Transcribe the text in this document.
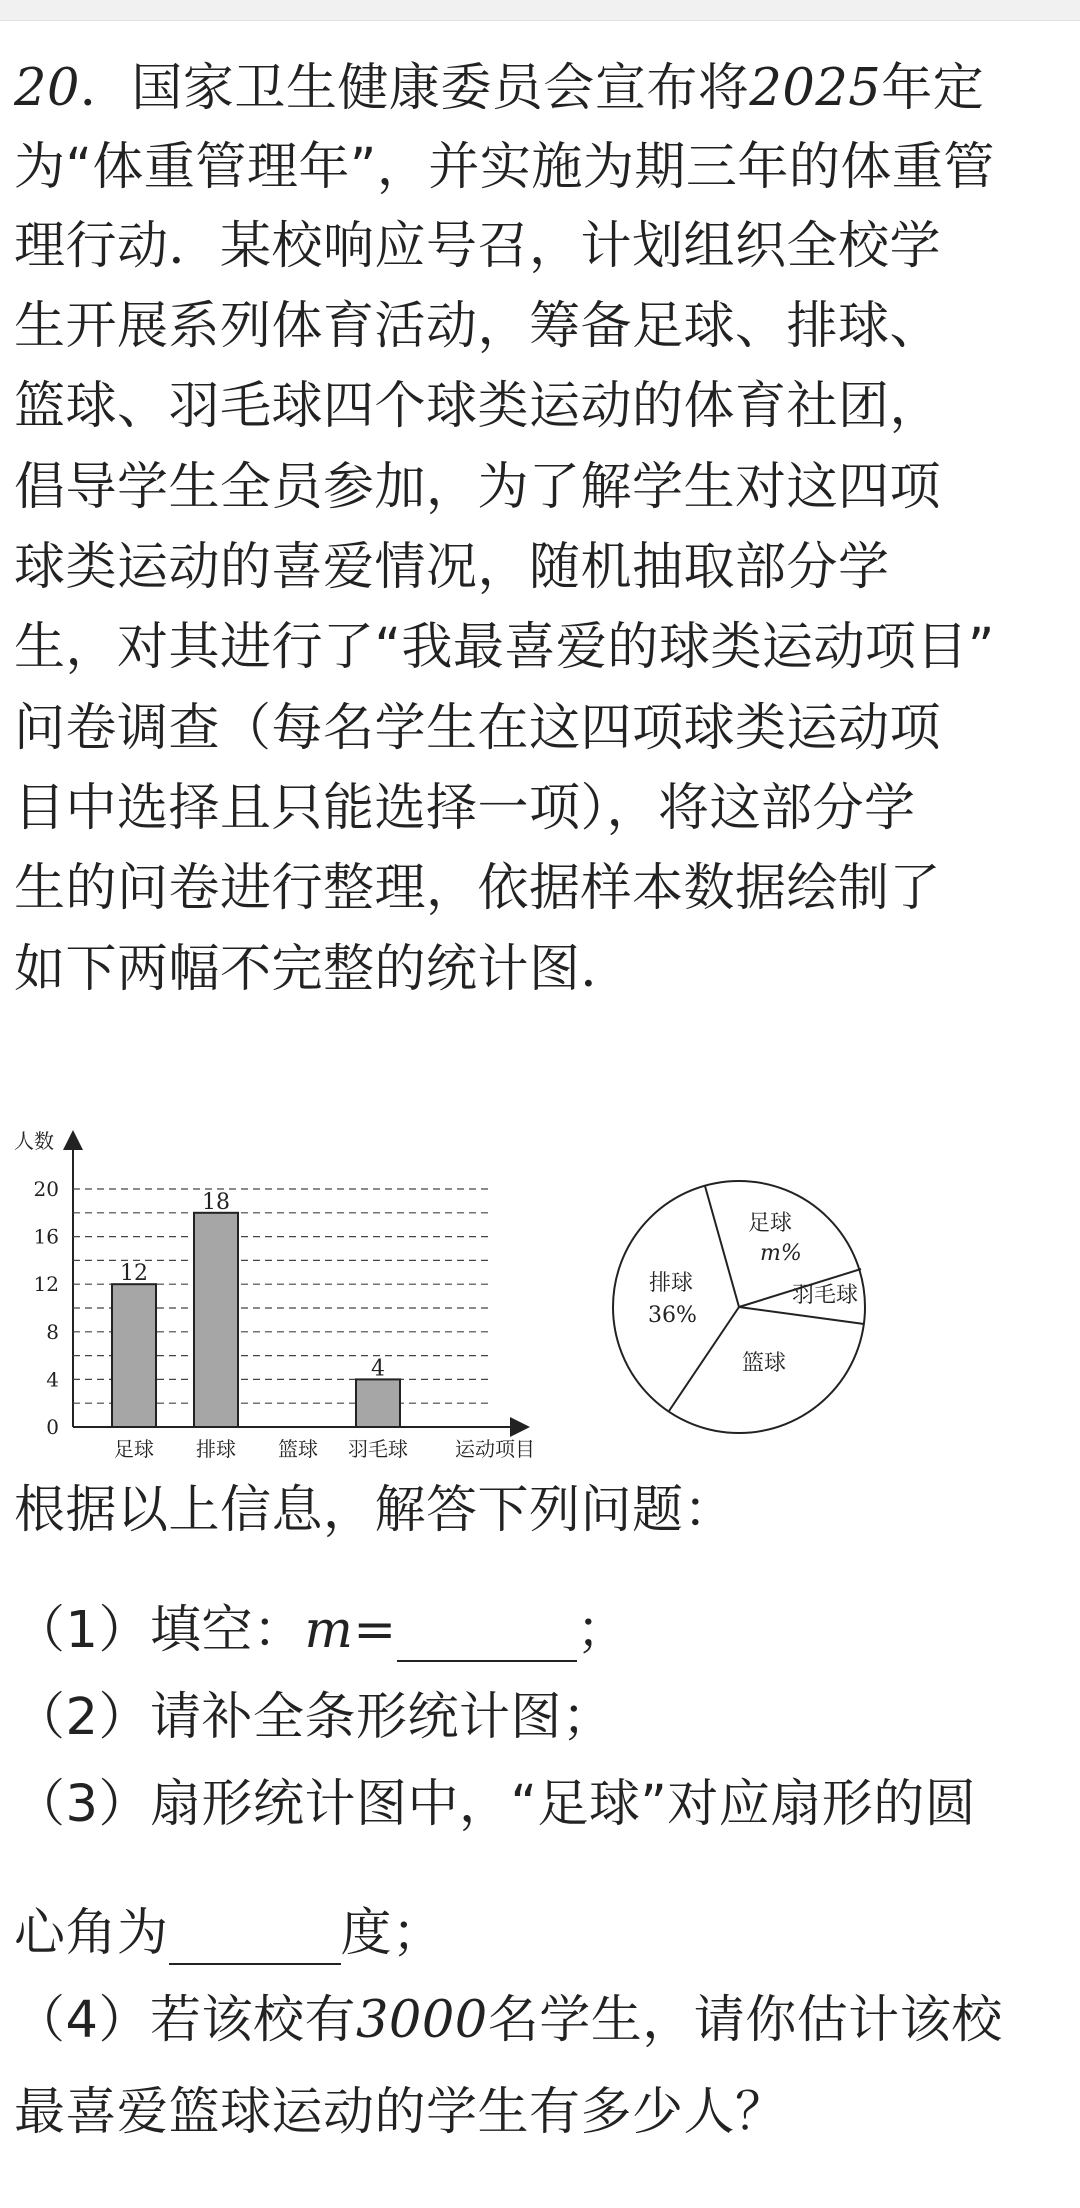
20．国家卫生健康委员会宣布将2025年定
为“体重管理年”，并实施为期三年的体重管
理行动．某校响应号召，计划组织全校学
生开展系列体育活动，筹备足球、排球、
篮球、羽毛球四个球类运动的体育社团，
倡导学生全员参加，为了解学生对这四项
球类运动的喜爱情况，随机抽取部分学
生，对其进行了“我最喜爱的球类运动项目”
问卷调查（每名学生在这四项球类运动项
目中选择且只能选择一项），将这部分学
生的问卷进行整理，依据样本数据绘制了
如下两幅不完整的统计图．
人数
运动项目
0
4
8
12
16
20
12
18
4
足球 排球 篮球 羽毛球
足球
m%
羽毛球
篮球
排球
36%
根据以上信息，解答下列问题：
（1）填空：m=	；
（2）请补全条形统计图；
（3）扇形统计图中，“足球”对应扇形的圆
心角为	度；
（4）若该校有3000名学生，请你估计该校
最喜爱篮球运动的学生有多少人？
